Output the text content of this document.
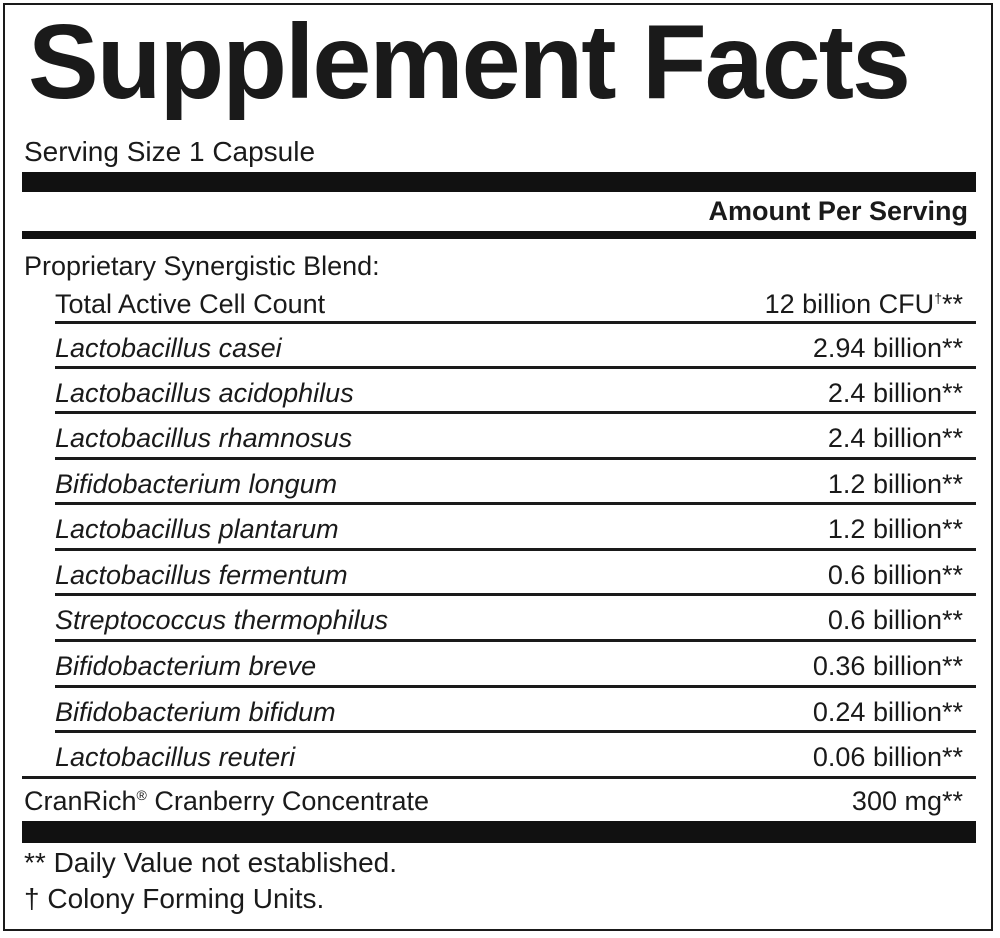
Supplement Facts
Serving Size 1 Capsule
Amount Per Serving
Proprietary Synergistic Blend:
Total Active Cell Count	12 billion CFU†**
Lactobacillus casei	2.94 billion**
Lactobacillus acidophilus	2.4 billion**
Lactobacillus rhamnosus	2.4 billion**
Bifidobacterium longum	1.2 billion**
Lactobacillus plantarum	1.2 billion**
Lactobacillus fermentum	0.6 billion**
Streptococcus thermophilus	0.6 billion**
Bifidobacterium breve	0.36 billion**
Bifidobacterium bifidum	0.24 billion**
Lactobacillus reuteri	0.06 billion**
CranRich® Cranberry Concentrate	300 mg**
** Daily Value not established.
† Colony Forming Units.
